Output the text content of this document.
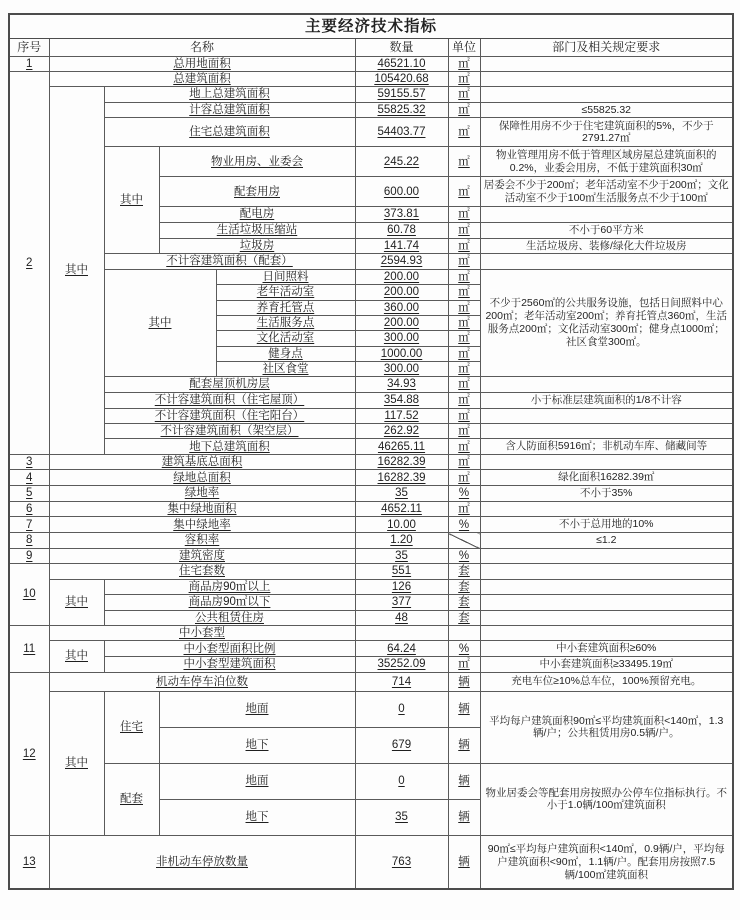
主要经济技术指标							
序号	名称				数量	单位	部门及相关规定要求
1	总用地面积				46521.10	㎡	
2	总建筑面积				105420.68	㎡	
	其中	地上总建筑面积			59155.57	㎡	
		计容总建筑面积			55825.32	㎡	≤55825.32
		住宅总建筑面积			54403.77	㎡	保障性用房不少于住宅建筑面积的5%，不少于2791.27㎡
		其中	物业用房、业委会		245.22	㎡	物业管理用房不低于管理区域房屋总建筑面积的0.2%，业委会用房，不低于建筑面积30㎡
			配套用房		600.00	㎡	居委会不少于200㎡；老年活动室不少于200㎡；文化活动室不少于100㎡生活服务点不少于100㎡
			配电房		373.81	㎡	
			生活垃圾压缩站		60.78	㎡	不小于60平方米
			垃圾房		141.74	㎡	生活垃圾房、装修/绿化大件垃圾房
		不计容建筑面积（配套）			2594.93	㎡	
		其中		日间照料	200.00	㎡	不少于2560㎡的公共服务设施，包括日间照料中心200㎡；老年活动室200㎡；养育托管点360㎡，生活服务点200㎡；文化活动室300㎡；健身点1000㎡；社区食堂300㎡。
				老年活动室	200.00	㎡	
				养育托管点	360.00	㎡	
				生活服务点	200.00	㎡	
				文化活动室	300.00	㎡	
				健身点	1000.00	㎡	
				社区食堂	300.00	㎡	
		配套屋顶机房层			34.93	㎡	
		不计容建筑面积（住宅屋顶）			354.88	㎡	小于标准层建筑面积的1/8不计容
		不计容建筑面积（住宅阳台）			117.52	㎡	
		不计容建筑面积（架空层）			262.92	㎡	
		地下总建筑面积			46265.11	㎡	含人防面积5916㎡；非机动车库、储藏间等
3	建筑基底总面积				16282.39	㎡	
4	绿地总面积				16282.39	㎡	绿化面积16282.39㎡
5	绿地率				35	%	不小于35%
6	集中绿地面积				4652.11	㎡	
7	集中绿地率				10.00	%	不小于总用地的10%
8	容积率				1.20		≤1.2
9	建筑密度				35	%	
10	住宅套数				551	套	
	其中	商品房90㎡以上			126	套	
		商品房90㎡以下			377	套	
		公共租赁住房			48	套	
11	中小套型						
	其中	中小套型面积比例			64.24	%	中小套建筑面积≥60%
		中小套型建筑面积			35252.09	㎡	中小套建筑面积≥33495.19㎡
12	机动车停车泊位数				714	辆	充电车位≥10%总车位，100%预留充电。
	其中	住宅	地面		0	辆	平均每户建筑面积90㎡≤平均建筑面积<140㎡，1.3辆/户；公共租赁用房0.5辆/户。
			地下		679	辆	
		配套	地面		0	辆	物业居委会等配套用房按照办公停车位指标执行。不小于1.0辆/100㎡建筑面积
			地下		35	辆	
13	非机动车停放数量				763	辆	90㎡≤平均每户建筑面积<140㎡，0.9辆/户，平均每户建筑面积<90㎡，1.1辆/户。配套用房按照7.5辆/100㎡建筑面积
